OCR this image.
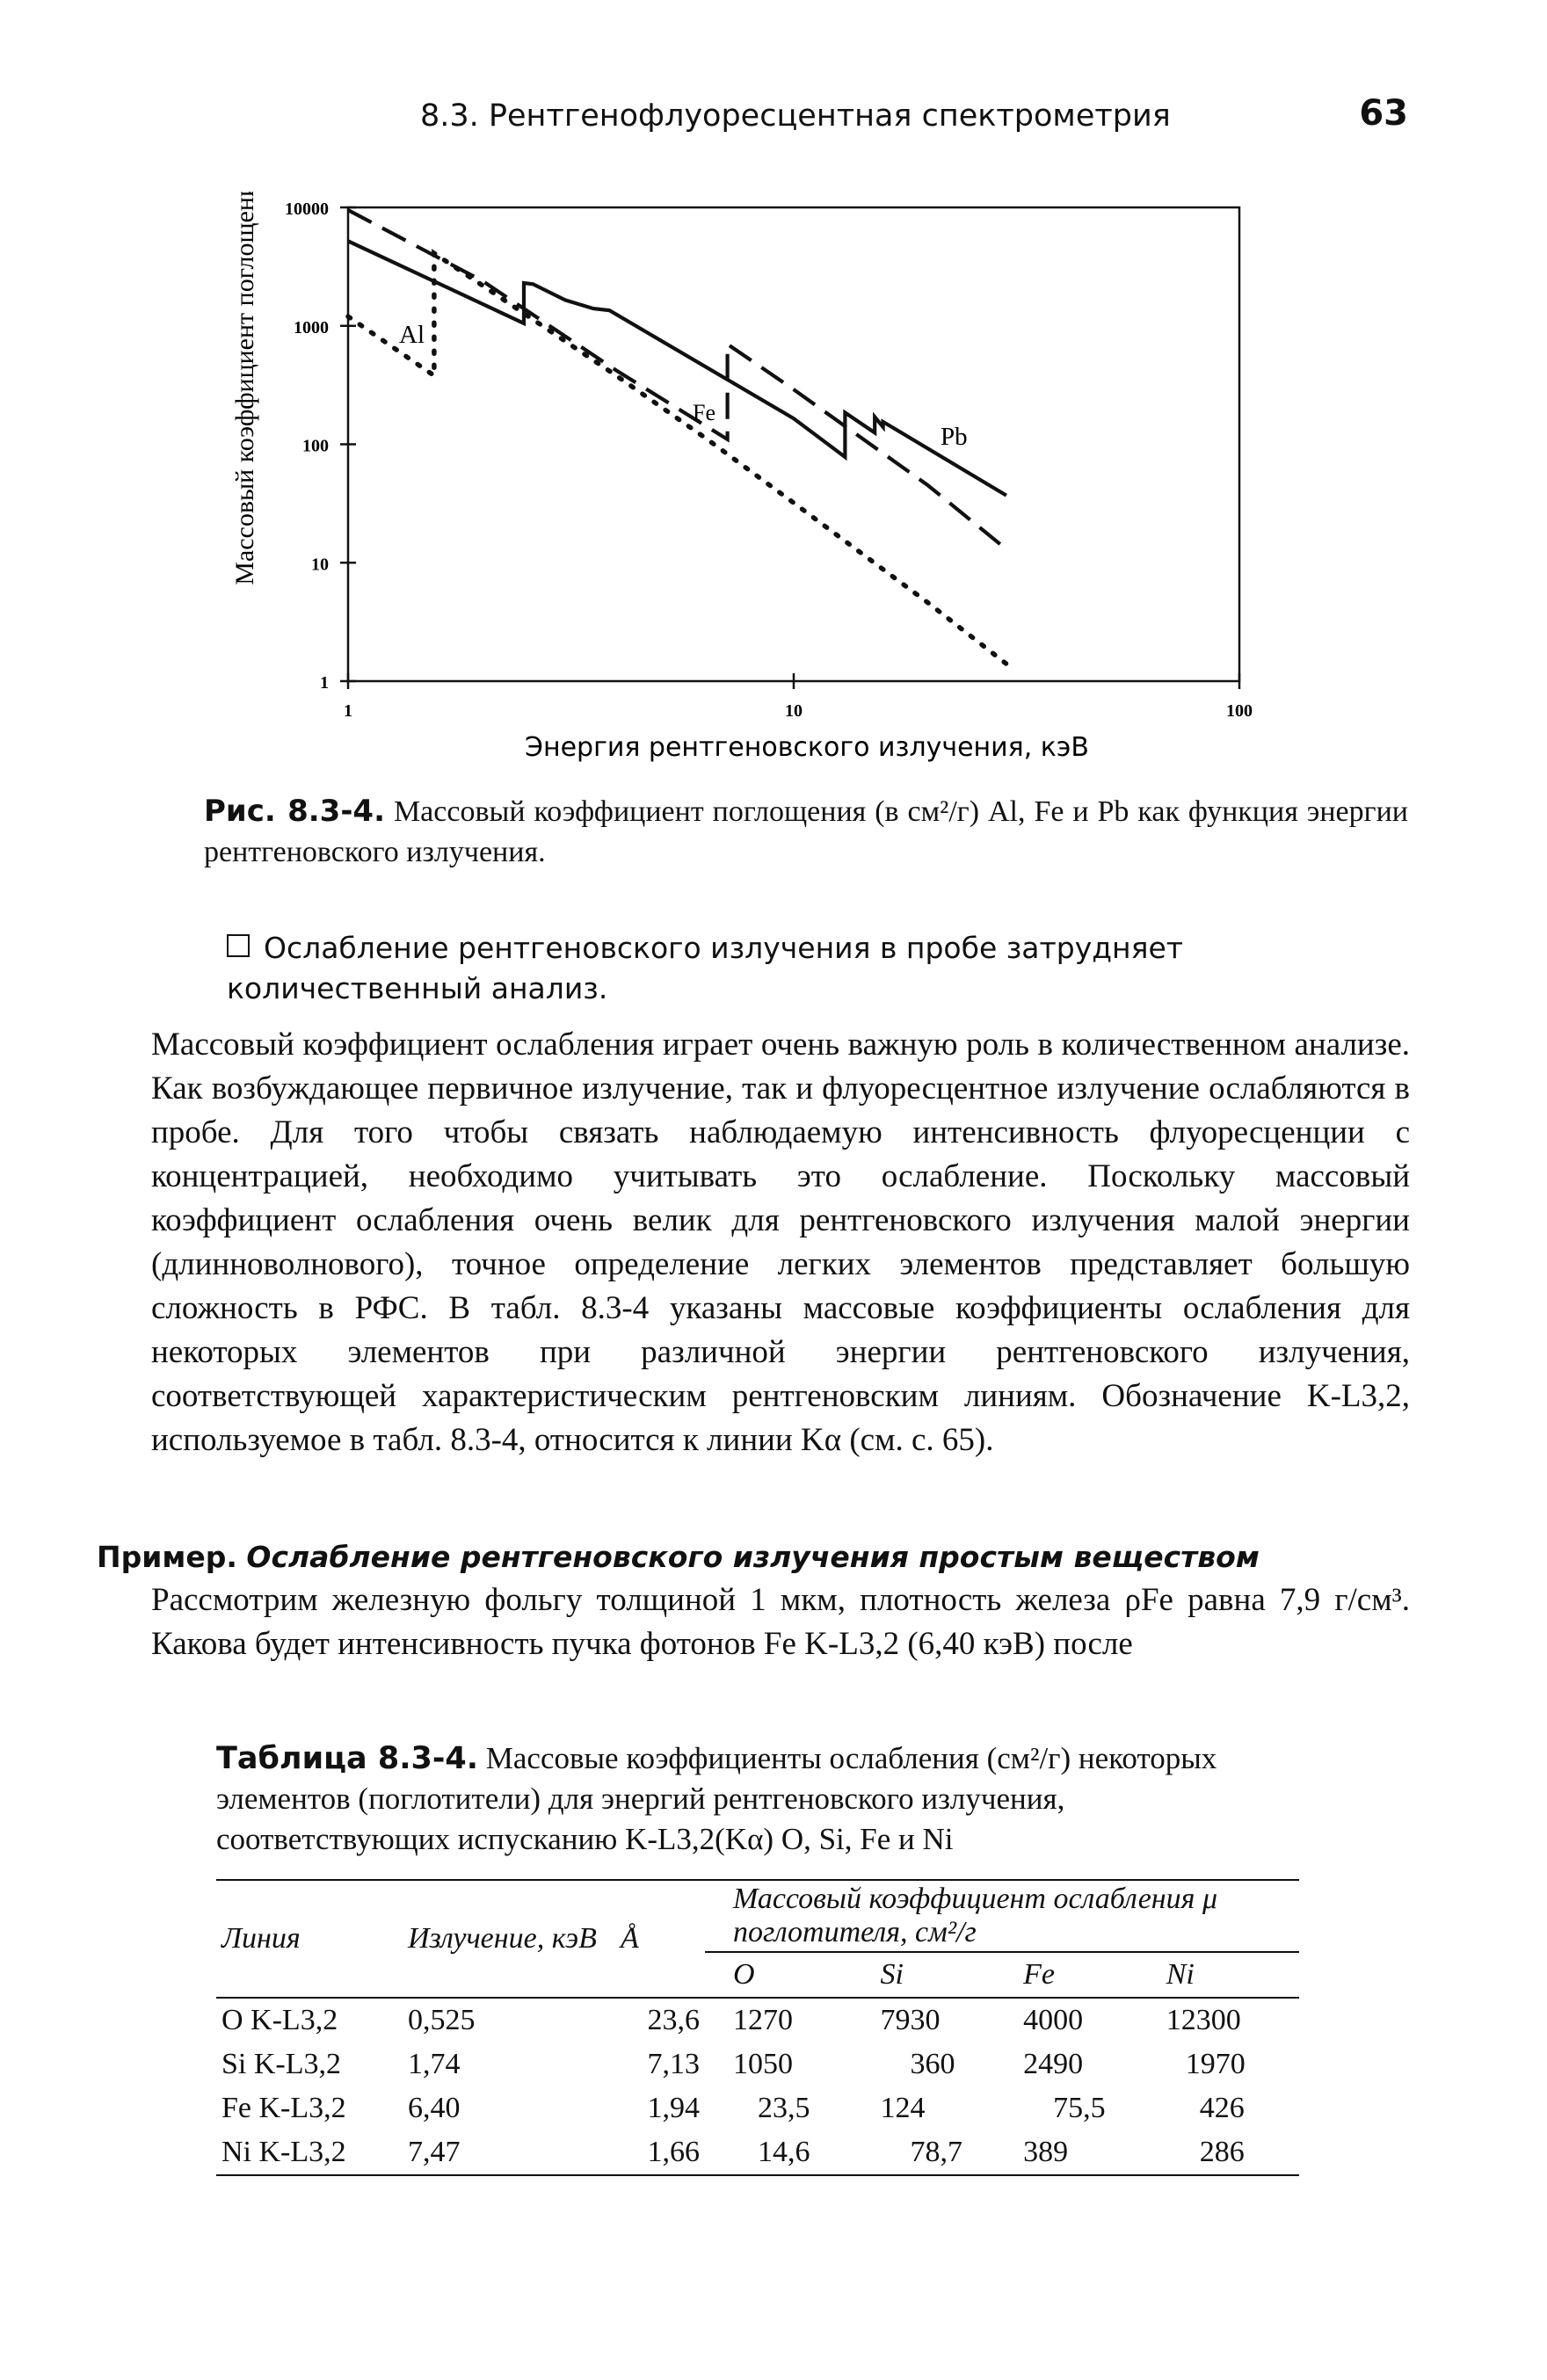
8.3. Рентгенофлуоресцентная спектрометрия	63
Массовый коэффициент поглощения
1
10
100
1000
10000
1	10	100
Al
Fe
Pb
Энергия рентгеновского излучения, кэВ
Рис. 8.3-4. Массовый коэффициент поглощения (в см²/г) Al, Fe и Pb как функция энергии рентгеновского излучения.
Ослабление рентгеновского излучения в пробе затрудняет количественный анализ.
Массовый коэффициент ослабления играет очень важную роль в количественном анализе. Как возбуждающее первичное излучение, так и флуоресцентное излучение ослабляются в пробе. Для того чтобы связать наблюдаемую интенсивность флуоресценции с концентрацией, необходимо учитывать это ослабление. Поскольку массовый коэффициент ослабления очень велик для рентгеновского излучения малой энергии (длинноволнового), точное определение легких элементов представляет большую сложность в РФС. В табл. 8.3-4 указаны массовые коэффициенты ослабления для некоторых элементов при различной энергии рентгеновского излучения, соответствующей характеристическим рентгеновским линиям. Обозначение K-L3,2, используемое в табл. 8.3-4, относится к линии Kα (см. с. 65).
Пример. Ослабление рентгеновского излучения простым веществом
Рассмотрим железную фольгу толщиной 1 мкм, плотность железа ρFe равна 7,9 г/см³. Какова будет интенсивность пучка фотонов Fe K-L3,2 (6,40 кэВ) после
Таблица 8.3-4. Массовые коэффициенты ослабления (см²/г) некоторых элементов (поглотители) для энергий рентгеновского излучения, соответствующих испусканию K-L3,2(Kα) O, Si, Fe и Ni
Линия	Излучение, кэВ	Å	Массовый коэффициент ослабления μ поглотителя, см²/г			
			O	Si	Fe	Ni
O K-L3,2	0,525	23,6	1270	7930	4000	12300
Si K-L3,2	1,74	7,13	1050	360	2490	1970
Fe K-L3,2	6,40	1,94	23,5	124	75,5	426
Ni K-L3,2	7,47	1,66	14,6	78,7	389	286
